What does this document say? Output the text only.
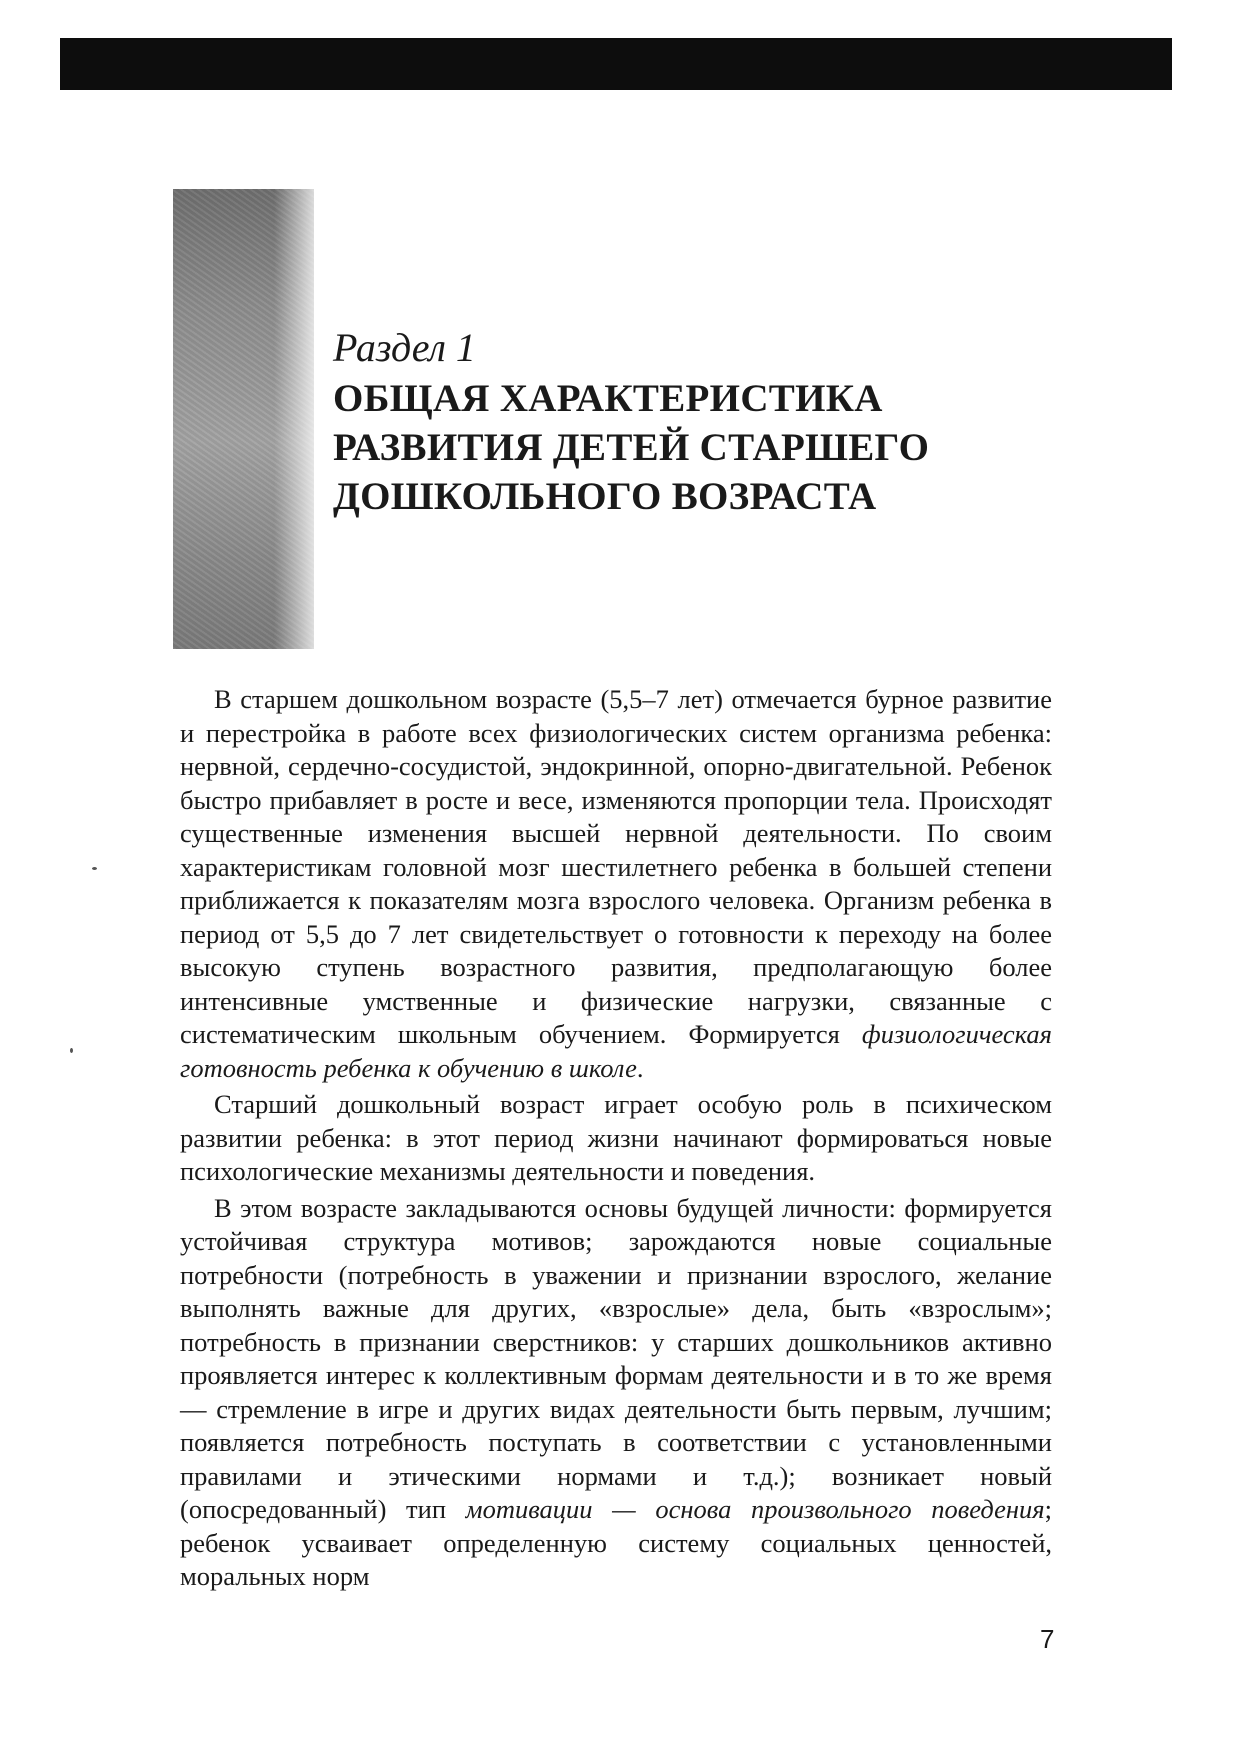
Раздел 1
ОБЩАЯ ХАРАКТЕРИСТИКА
РАЗВИТИЯ ДЕТЕЙ СТАРШЕГО
ДОШКОЛЬНОГО ВОЗРАСТА

В старшем дошкольном возрасте (5,5–7 лет) отмечается бурное развитие и перестройка в работе всех физиологических систем организма ребенка: нервной, сердечно-сосудистой, эндокринной, опорно-двигательной. Ребенок быстро прибавляет в росте и весе, изменяются пропорции тела. Происходят существенные изменения высшей нервной деятельности. По своим характеристикам головной мозг шестилетнего ребенка в большей степени приближается к показателям мозга взрослого человека. Организм ребенка в период от 5,5 до 7 лет свидетельствует о готовности к переходу на более высокую ступень возрастного развития, предполагающую более интенсивные умственные и физические нагрузки, связанные с систематическим школьным обучением. Формируется физиологическая готовность ребенка к обучению в школе.

Старший дошкольный возраст играет особую роль в психическом развитии ребенка: в этот период жизни начинают формироваться новые психологические механизмы деятельности и поведения.

В этом возрасте закладываются основы будущей личности: формируется устойчивая структура мотивов; зарождаются новые социальные потребности (потребность в уважении и признании взрослого, желание выполнять важные для других, «взрослые» дела, быть «взрослым»; потребность в признании сверстников: у старших дошкольников активно проявляется интерес к коллективным формам деятельности и в то же время — стремление в игре и других видах деятельности быть первым, лучшим; появляется потребность поступать в соответствии с установленными правилами и этическими нормами и т.д.); возникает новый (опосредованный) тип мотивации — основа произвольного поведения; ребенок усваивает определенную систему социальных ценностей, моральных норм

7
